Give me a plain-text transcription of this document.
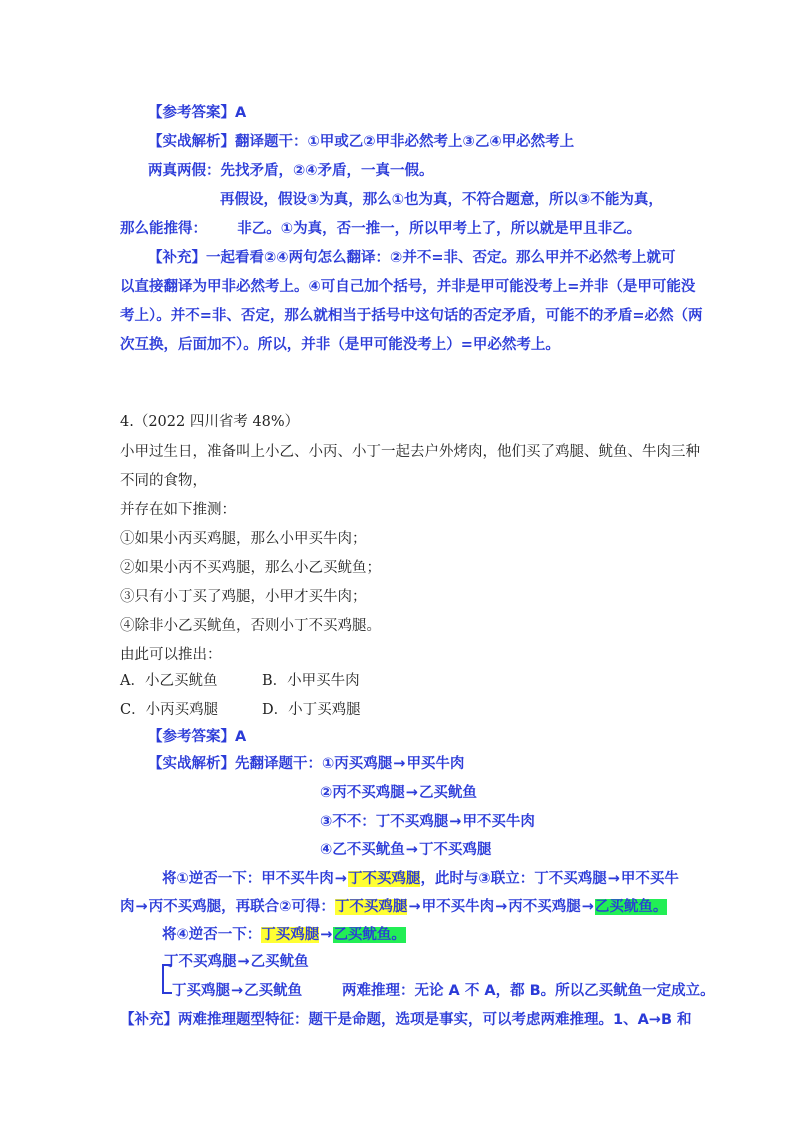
【参考答案】A
【实战解析】翻译题干：①甲或乙②甲非必然考上③乙④甲必然考上
两真两假：先找矛盾，②④矛盾，一真一假。
再假设，假设③为真，那么①也为真，不符合题意，所以③不能为真，
那么能推得：      非乙。①为真，否一推一，所以甲考上了，所以就是甲且非乙。
【补充】一起看看②④两句怎么翻译：②并不=非、否定。那么甲并不必然考上就可
以直接翻译为甲非必然考上。④可自己加个括号，并非是甲可能没考上=并非（是甲可能没
考上）。并不=非、否定，那么就相当于括号中这句话的否定矛盾，可能不的矛盾=必然（两
次互换，后面加不）。所以，并非（是甲可能没考上）=甲必然考上。
4.（2022 四川省考 48%）
小甲过生日，准备叫上小乙、小丙、小丁一起去户外烤肉，他们买了鸡腿、鱿鱼、牛肉三种
不同的食物，
并存在如下推测：
①如果小丙买鸡腿，那么小甲买牛肉；
②如果小丙不买鸡腿，那么小乙买鱿鱼；
③只有小丁买了鸡腿，小甲才买牛肉；
④除非小乙买鱿鱼，否则小丁不买鸡腿。
由此可以推出：
A．小乙买鱿鱼	B．小甲买牛肉
C．小丙买鸡腿	D．小丁买鸡腿
【参考答案】A
【实战解析】先翻译题干：①丙买鸡腿→甲买牛肉
②丙不买鸡腿→乙买鱿鱼
③不不：丁不买鸡腿→甲不买牛肉
④乙不买鱿鱼→丁不买鸡腿
将①逆否一下：甲不买牛肉→丁不买鸡腿，此时与③联立：丁不买鸡腿→甲不买牛
肉→丙不买鸡腿，再联合②可得：丁不买鸡腿→甲不买牛肉→丙不买鸡腿→乙买鱿鱼。
将④逆否一下：丁买鸡腿→乙买鱿鱼。
丁不买鸡腿→乙买鱿鱼
丁买鸡腿→乙买鱿鱼	两难推理：无论 A 不 A，都 B。所以乙买鱿鱼一定成立。
【补充】两难推理题型特征：题干是命题，选项是事实，可以考虑两难推理。1、A→B 和
